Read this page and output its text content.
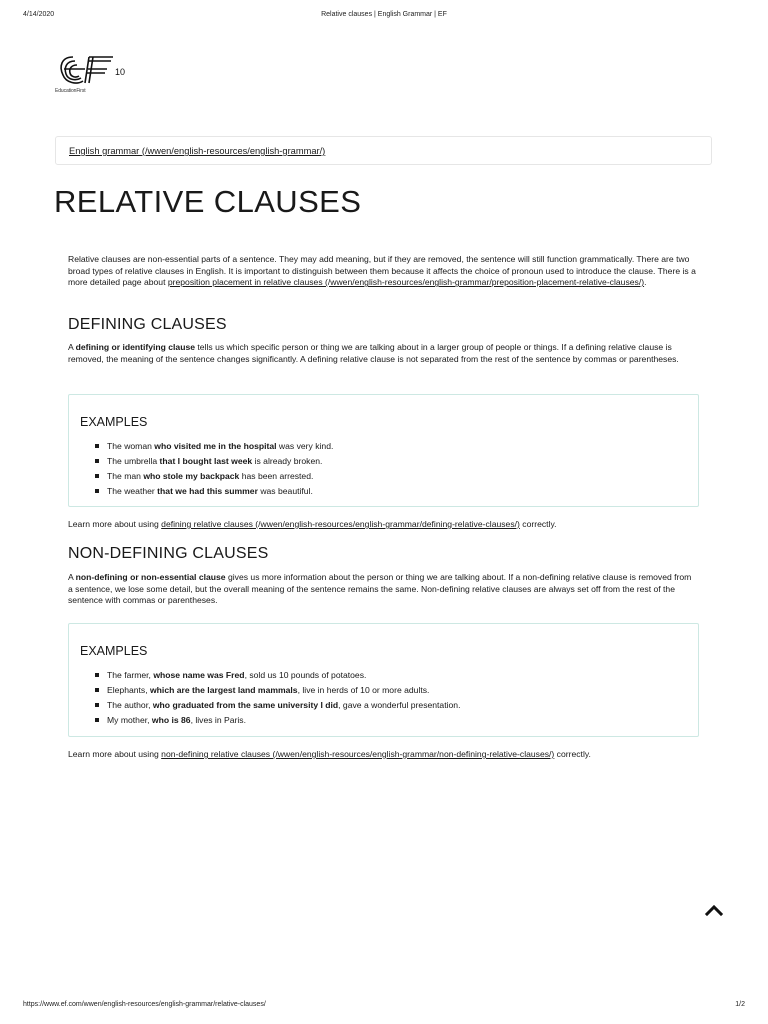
4/14/2020	Relative clauses | English Grammar | EF
10
EducationFirst
English grammar (/wwen/english-resources/english-grammar/)
RELATIVE CLAUSES

Relative clauses are non-essential parts of a sentence. They may add meaning, but if they are removed, the sentence will still function grammatically. There are two broad types of relative clauses in English. It is important to distinguish between them because it affects the choice of pronoun used to introduce the clause. There is a more detailed page about preposition placement in relative clauses (/wwen/english-resources/english-grammar/preposition-placement-relative-clauses/).

DEFINING CLAUSES

A defining or identifying clause tells us which specific person or thing we are talking about in a larger group of people or things. If a defining relative clause is removed, the meaning of the sentence changes significantly. A defining relative clause is not separated from the rest of the sentence by commas or parentheses.

EXAMPLES
The woman who visited me in the hospital was very kind.
The umbrella that I bought last week is already broken.
The man who stole my backpack has been arrested.
The weather that we had this summer was beautiful.

Learn more about using defining relative clauses (/wwen/english-resources/english-grammar/defining-relative-clauses/) correctly.

NON-DEFINING CLAUSES

A non-defining or non-essential clause gives us more information about the person or thing we are talking about. If a non-defining relative clause is removed from a sentence, we lose some detail, but the overall meaning of the sentence remains the same. Non-defining relative clauses are always set off from the rest of the sentence with commas or parentheses.

EXAMPLES
The farmer, whose name was Fred, sold us 10 pounds of potatoes.
Elephants, which are the largest land mammals, live in herds of 10 or more adults.
The author, who graduated from the same university I did, gave a wonderful presentation.
My mother, who is 86, lives in Paris.

Learn more about using non-defining relative clauses (/wwen/english-resources/english-grammar/non-defining-relative-clauses/) correctly.

https://www.ef.com/wwen/english-resources/english-grammar/relative-clauses/	1/2
